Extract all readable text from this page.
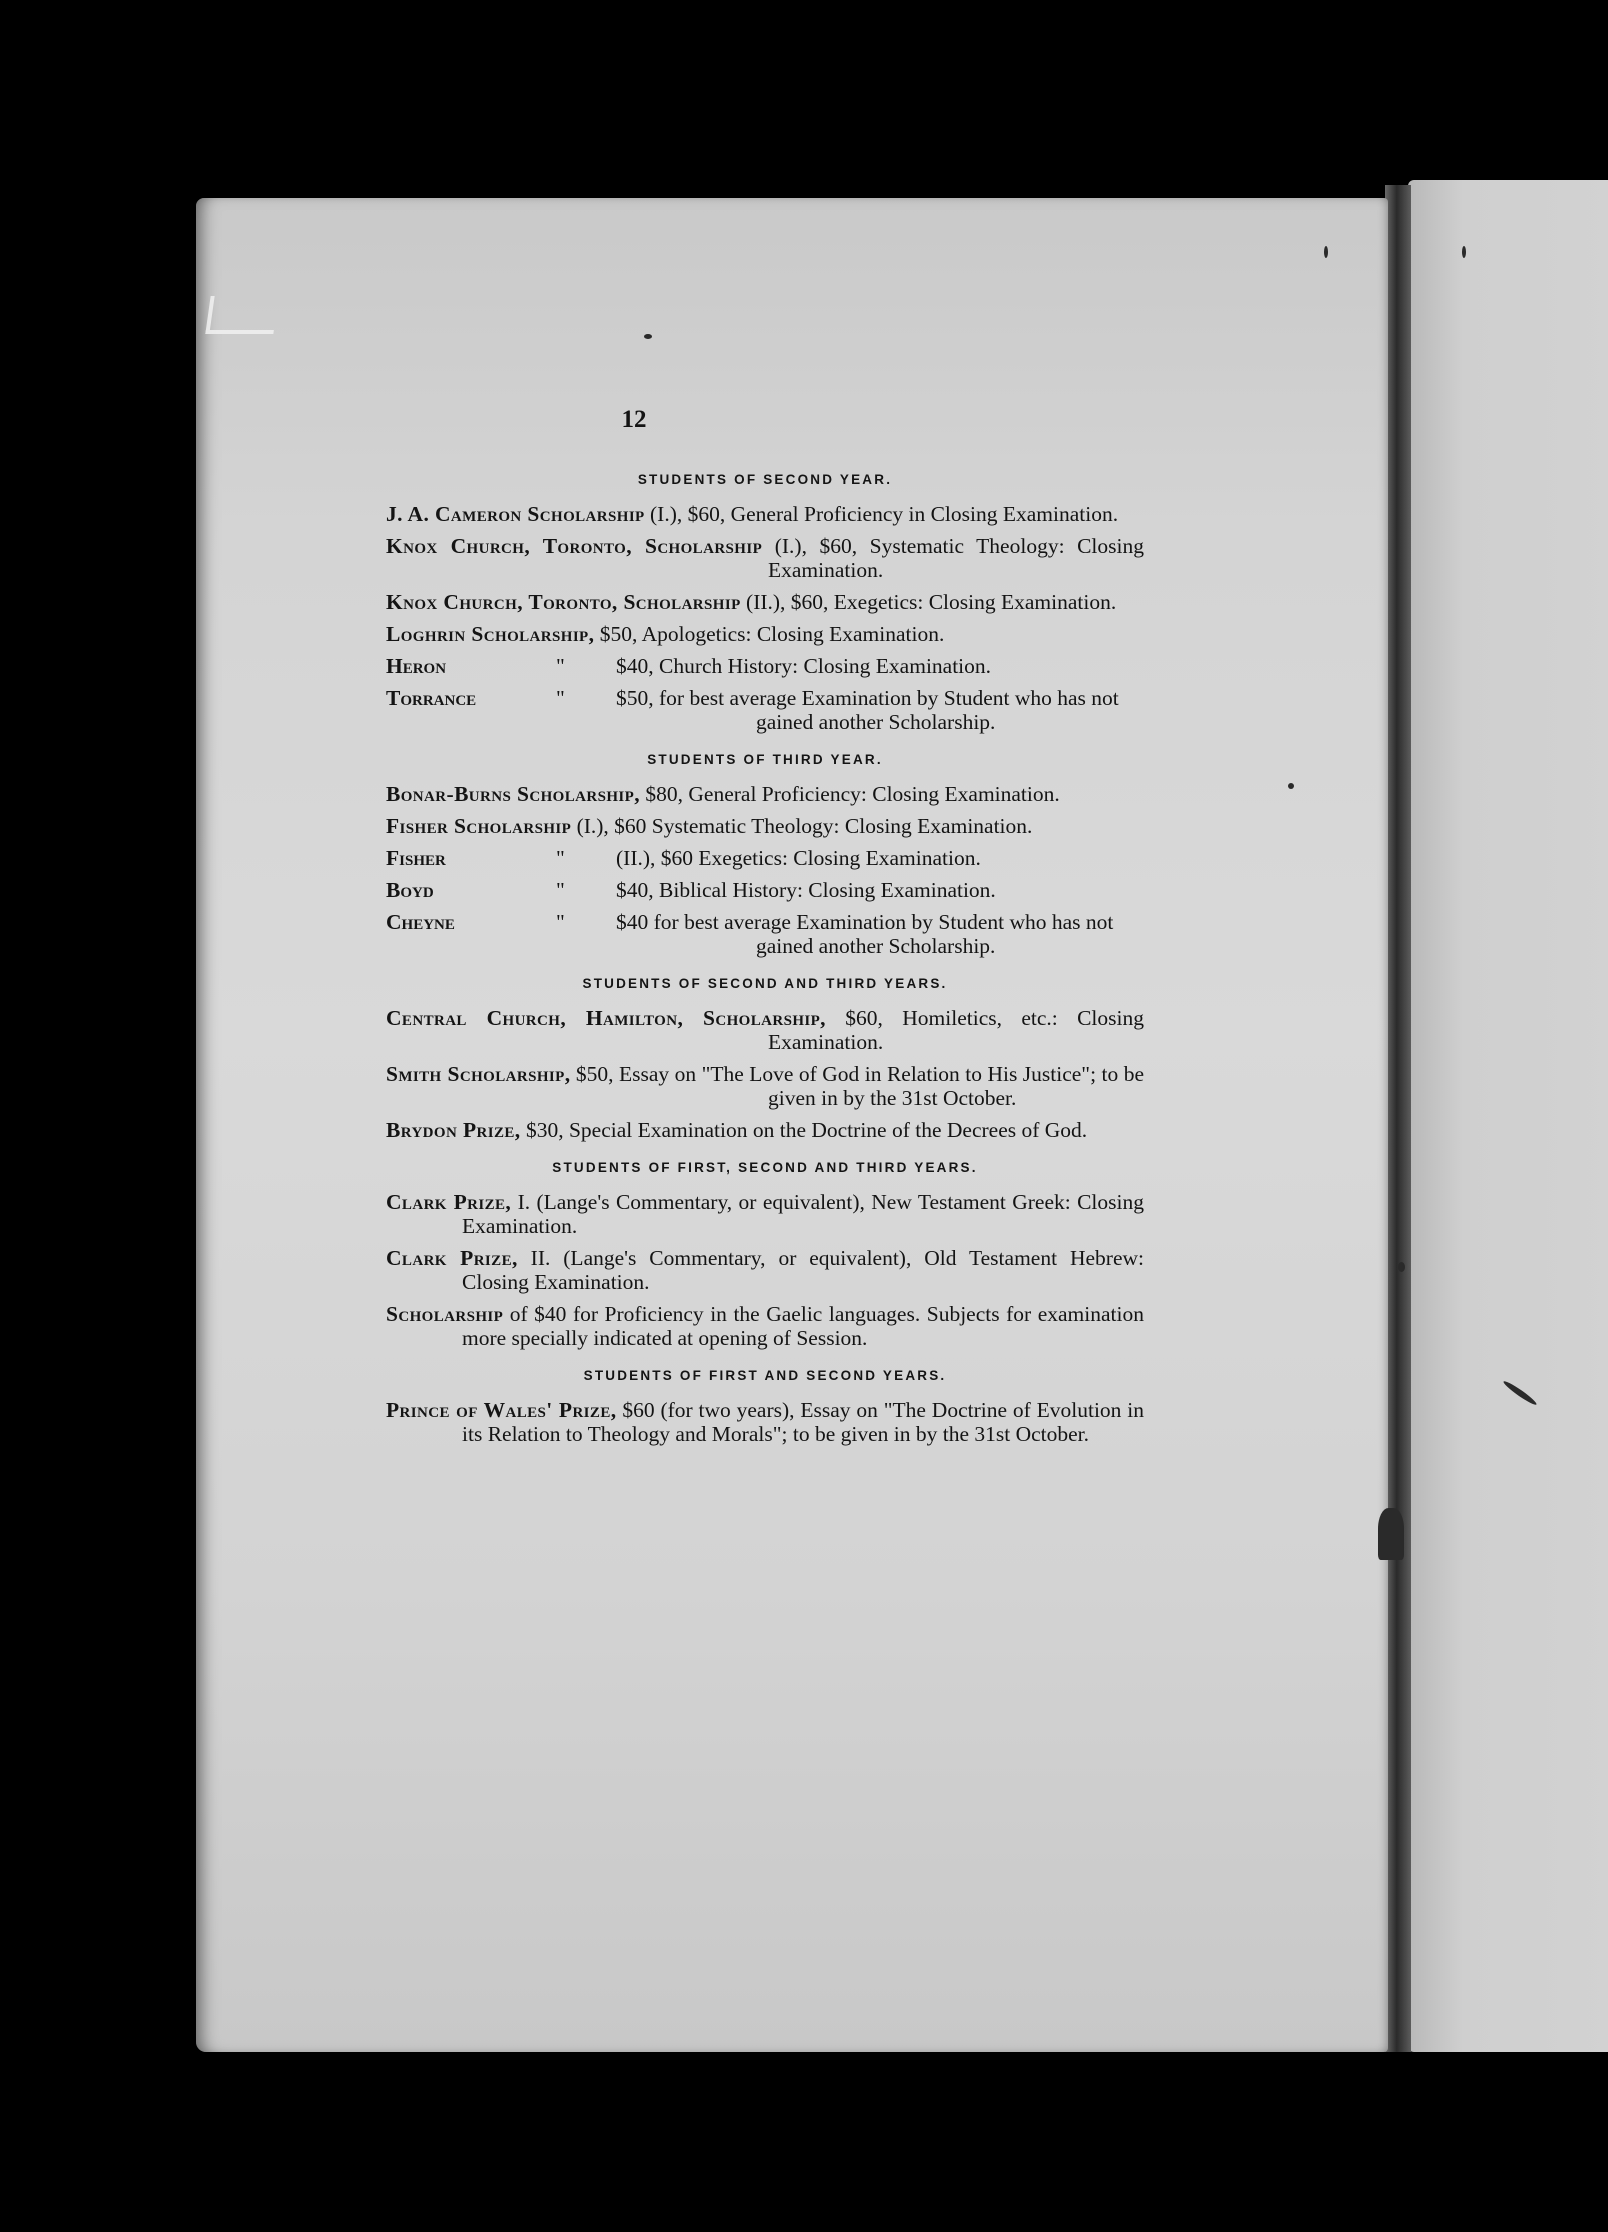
12
STUDENTS OF SECOND YEAR.

J. A. Cameron Scholarship (I.), $60, General Proficiency in Closing Examination.

Knox Church, Toronto, Scholarship (I.), $60, Systematic Theology: Closing Examination.

Knox Church, Toronto, Scholarship (II.), $60, Exegetics: Closing Examination.

Loghrin Scholarship, $50, Apologetics: Closing Examination.

Heron	"	$40, Church History: Closing Examination.
Torrance	"	$50, for best average Examination by Student who has not gained another Scholarship.
STUDENTS OF THIRD YEAR.

Bonar-Burns Scholarship, $80, General Proficiency: Closing Examination.

Fisher Scholarship (I.), $60 Systematic Theology: Closing Examination.

Fisher	"	(II.), $60 Exegetics: Closing Examination.
Boyd	"	$40, Biblical History: Closing Examination.
Cheyne	"	$40 for best average Examination by Student who has not gained another Scholarship.
STUDENTS OF SECOND AND THIRD YEARS.

Central Church, Hamilton, Scholarship, $60, Homiletics, etc.: Closing Examination.

Smith Scholarship, $50, Essay on "The Love of God in Relation to His Justice"; to be given in by the 31st October.

Brydon Prize, $30, Special Examination on the Doctrine of the Decrees of God.

STUDENTS OF FIRST, SECOND AND THIRD YEARS.

Clark Prize, I. (Lange's Commentary, or equivalent), New Testament Greek: Closing Examination.

Clark Prize, II. (Lange's Commentary, or equivalent), Old Testament Hebrew: Closing Examination.

Scholarship of $40 for Proficiency in the Gaelic languages. Subjects for examination more specially indicated at opening of Session.

STUDENTS OF FIRST AND SECOND YEARS.

Prince of Wales' Prize, $60 (for two years), Essay on "The Doctrine of Evolution in its Relation to Theology and Morals"; to be given in by the 31st October.
